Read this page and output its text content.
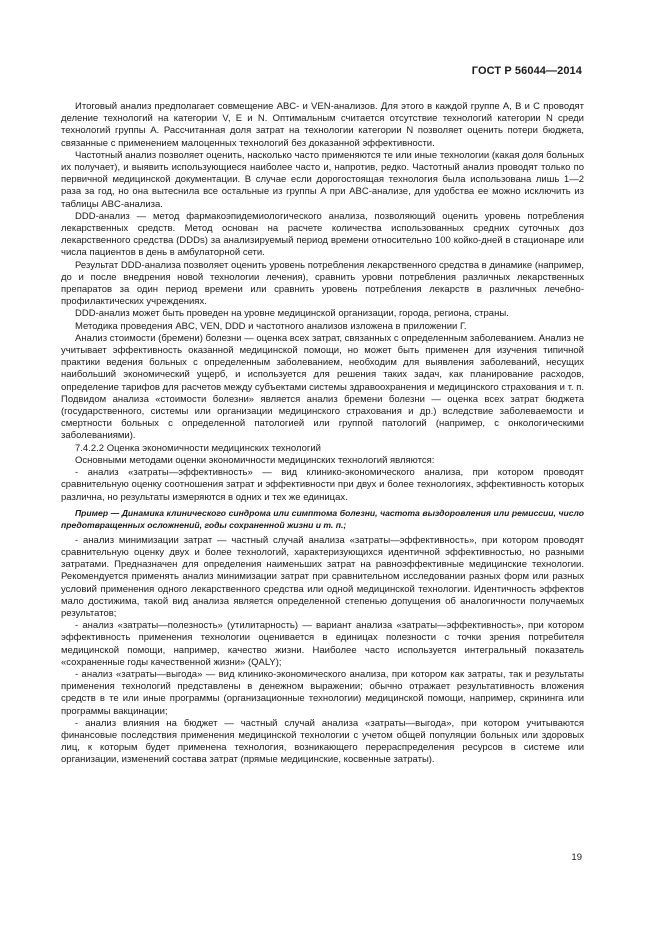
ГОСТ Р 56044—2014

Итоговый анализ предполагает совмещение ABC- и VEN-анализов. Для этого в каждой группе A, B и C проводят деление технологий на категории V, E и N. Оптимальным считается отсутствие технологий категории N среди технологий группы A. Рассчитанная доля затрат на технологии категории N позволяет оценить потери бюджета, связанные с применением малоценных технологий без доказанной эффективности.

Частотный анализ позволяет оценить, насколько часто применяются те или иные технологии (какая доля больных их получает), и выявить использующиеся наиболее часто и, напротив, редко. Частотный анализ проводят только по первичной медицинской документации. В случае если дорогостоящая технология была использована лишь 1—2 раза за год, но она вытеснила все остальные из группы A при ABC-анализе, для удобства ее можно исключить из таблицы ABC-анализа.

DDD-анализ — метод фармакоэпидемиологического анализа, позволяющий оценить уровень потребления лекарственных средств. Метод основан на расчете количества использованных средних суточных доз лекарственного средства (DDDs) за анализируемый период времени относительно 100 койко-дней в стационаре или числа пациентов в день в амбулаторной сети.

Результат DDD-анализа позволяет оценить уровень потребления лекарственного средства в динамике (например, до и после внедрения новой технологии лечения), сравнить уровни потребления различных лекарственных препаратов за один период времени или сравнить уровень потребления лекарств в различных лечебно-профилактических учреждениях.

DDD-анализ может быть проведен на уровне медицинской организации, города, региона, страны.

Методика проведения ABC, VEN, DDD и частотного анализов изложена в приложении Г.

Анализ стоимости (бремени) болезни — оценка всех затрат, связанных с определенным заболеванием. Анализ не учитывает эффективность оказанной медицинской помощи, но может быть применен для изучения типичной практики ведения больных с определенным заболеванием, необходим для выявления заболеваний, несущих наибольший экономический ущерб, и используется для решения таких задач, как планирование расходов, определение тарифов для расчетов между субъектами системы здравоохранения и медицинского страхования и т. п. Подвидом анализа «стоимости болезни» является анализ бремени болезни — оценка всех затрат бюджета (государственного, системы или организации медицинского страхования и др.) вследствие заболеваемости и смертности больных с определенной патологией или группой патологий (например, с онкологическими заболеваниями).

7.4.2.2 Оценка экономичности медицинских технологий

Основными методами оценки экономичности медицинских технологий являются:

- анализ «затраты—эффективность» — вид клинико-экономического анализа, при котором проводят сравнительную оценку соотношения затрат и эффективности при двух и более технологиях, эффективность которых различна, но результаты измеряются в одних и тех же единицах.

Пример — Динамика клинического синдрома или симптома болезни, частота выздоровления или ремиссии, число предотвращенных осложнений, годы сохраненной жизни и т. п.;

- анализ минимизации затрат — частный случай анализа «затраты—эффективность», при котором проводят сравнительную оценку двух и более технологий, характеризующихся идентичной эффективностью, но разными затратами. Предназначен для определения наименьших затрат на равноэффективные медицинские технологии. Рекомендуется применять анализ минимизации затрат при сравнительном исследовании разных форм или разных условий применения одного лекарственного средства или одной медицинской технологии. Идентичность эффектов мало достижима, такой вид анализа является определенной степенью допущения об аналогичности получаемых результатов;

- анализ «затраты—полезность» (утилитарность) — вариант анализа «затраты—эффективность», при котором эффективность применения технологии оценивается в единицах полезности с точки зрения потребителя медицинской помощи, например, качество жизни. Наиболее часто используется интегральный показатель «сохраненные годы качественной жизни» (QALY);

- анализ «затраты—выгода» — вид клинико-экономического анализа, при котором как затраты, так и результаты применения технологий представлены в денежном выражении; обычно отражает результативность вложения средств в те или иные программы (организационные технологии) медицинской помощи, например, скрининга или программы вакцинации;

- анализ влияния на бюджет — частный случай анализа «затраты—выгода», при котором учитываются финансовые последствия применения медицинской технологии с учетом общей популяции больных или здоровых лиц, к которым будет применена технология, возникающего перераспределения ресурсов в системе или организации, изменений состава затрат (прямые медицинские, косвенные затраты).

19
